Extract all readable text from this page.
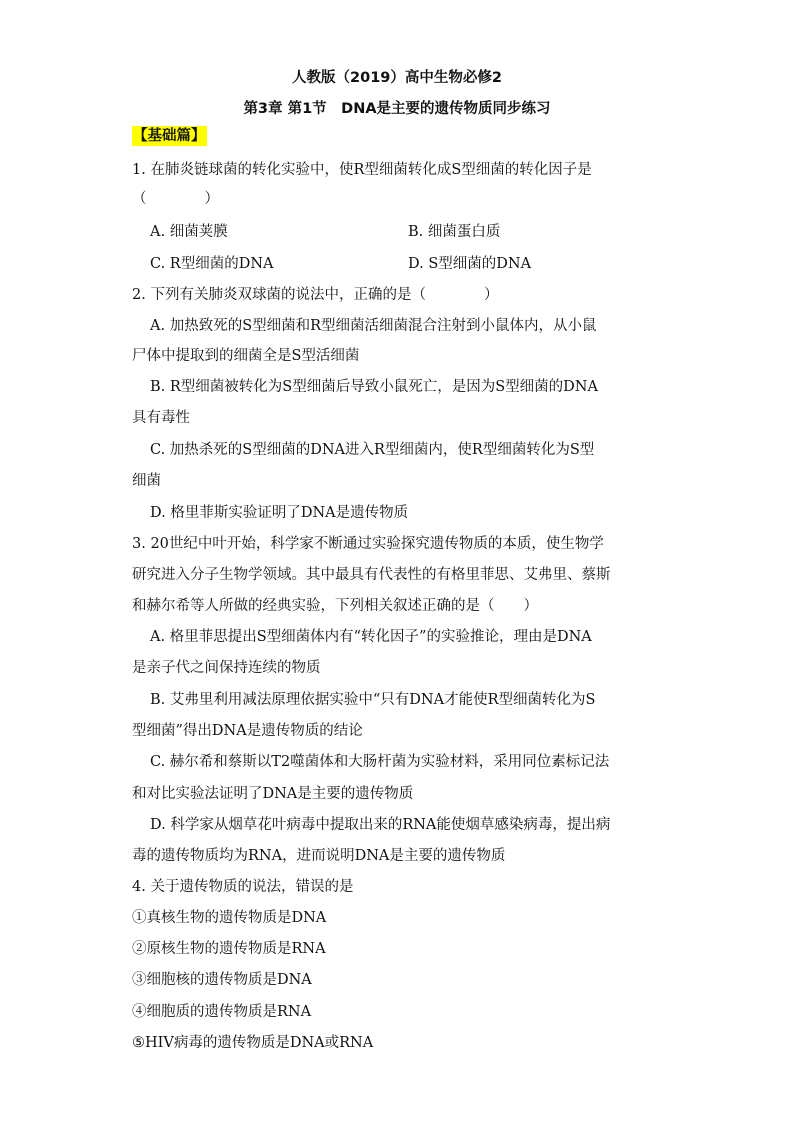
人教版（2019）高中生物必修2
第3章 第1节　DNA是主要的遗传物质同步练习
【基础篇】
1. 在肺炎链球菌的转化实验中，使R型细菌转化成S型细菌的转化因子是
（　　　　）
A. 细菌荚膜	B. 细菌蛋白质
C. R型细菌的DNA	D. S型细菌的DNA
2. 下列有关肺炎双球菌的说法中，正确的是（　　　　）
A. 加热致死的S型细菌和R型细菌活细菌混合注射到小鼠体内，从小鼠
尸体中提取到的细菌全是S型活细菌
B. R型细菌被转化为S型细菌后导致小鼠死亡，是因为S型细菌的DNA
具有毒性
C. 加热杀死的S型细菌的DNA进入R型细菌内，使R型细菌转化为S型
细菌
D. 格里菲斯实验证明了DNA是遗传物质
3. 20世纪中叶开始，科学家不断通过实验探究遗传物质的本质，使生物学
研究进入分子生物学领域。其中最具有代表性的有格里菲思、艾弗里、蔡斯
和赫尔希等人所做的经典实验，下列相关叙述正确的是（　　）
A. 格里菲思提出S型细菌体内有“转化因子”的实验推论，理由是DNA
是亲子代之间保持连续的物质
B. 艾弗里利用减法原理依据实验中“只有DNA才能使R型细菌转化为S
型细菌”得出DNA是遗传物质的结论
C. 赫尔希和蔡斯以T2噬菌体和大肠杆菌为实验材料，采用同位素标记法
和对比实验法证明了DNA是主要的遗传物质
D. 科学家从烟草花叶病毒中提取出来的RNA能使烟草感染病毒，提出病
毒的遗传物质均为RNA，进而说明DNA是主要的遗传物质
4. 关于遗传物质的说法，错误的是
①真核生物的遗传物质是DNA
②原核生物的遗传物质是RNA
③细胞核的遗传物质是DNA
④细胞质的遗传物质是RNA
⑤HIV病毒的遗传物质是DNA或RNA
